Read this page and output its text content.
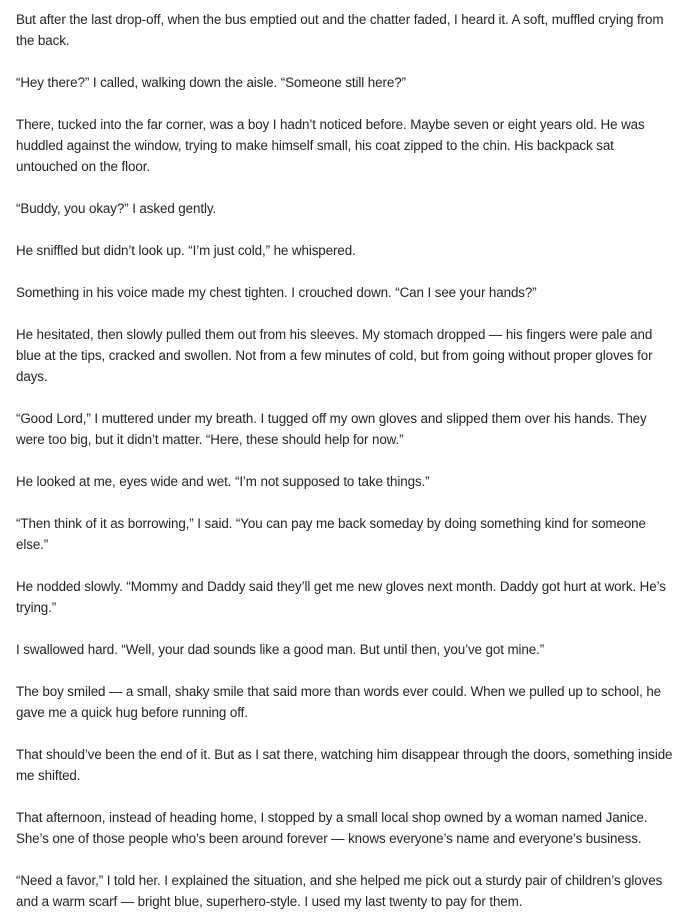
But after the last drop-off, when the bus emptied out and the chatter faded, I heard it. A soft, muffled crying from the back.

“Hey there?” I called, walking down the aisle. “Someone still here?”

There, tucked into the far corner, was a boy I hadn’t noticed before. Maybe seven or eight years old. He was huddled against the window, trying to make himself small, his coat zipped to the chin. His backpack sat untouched on the floor.

“Buddy, you okay?” I asked gently.

He sniffled but didn’t look up. “I’m just cold,” he whispered.

Something in his voice made my chest tighten. I crouched down. “Can I see your hands?”

He hesitated, then slowly pulled them out from his sleeves. My stomach dropped — his fingers were pale and blue at the tips, cracked and swollen. Not from a few minutes of cold, but from going without proper gloves for days.

“Good Lord,” I muttered under my breath. I tugged off my own gloves and slipped them over his hands. They were too big, but it didn’t matter. “Here, these should help for now.”

He looked at me, eyes wide and wet. “I’m not supposed to take things.”

“Then think of it as borrowing,” I said. “You can pay me back someday by doing something kind for someone else.”

He nodded slowly. “Mommy and Daddy said they’ll get me new gloves next month. Daddy got hurt at work. He’s trying.”

I swallowed hard. “Well, your dad sounds like a good man. But until then, you’ve got mine.”

The boy smiled — a small, shaky smile that said more than words ever could. When we pulled up to school, he gave me a quick hug before running off.

That should’ve been the end of it. But as I sat there, watching him disappear through the doors, something inside me shifted.

That afternoon, instead of heading home, I stopped by a small local shop owned by a woman named Janice. She’s one of those people who’s been around forever — knows everyone’s name and everyone’s business.

“Need a favor,” I told her. I explained the situation, and she helped me pick out a sturdy pair of children’s gloves and a warm scarf — bright blue, superhero-style. I used my last twenty to pay for them.
